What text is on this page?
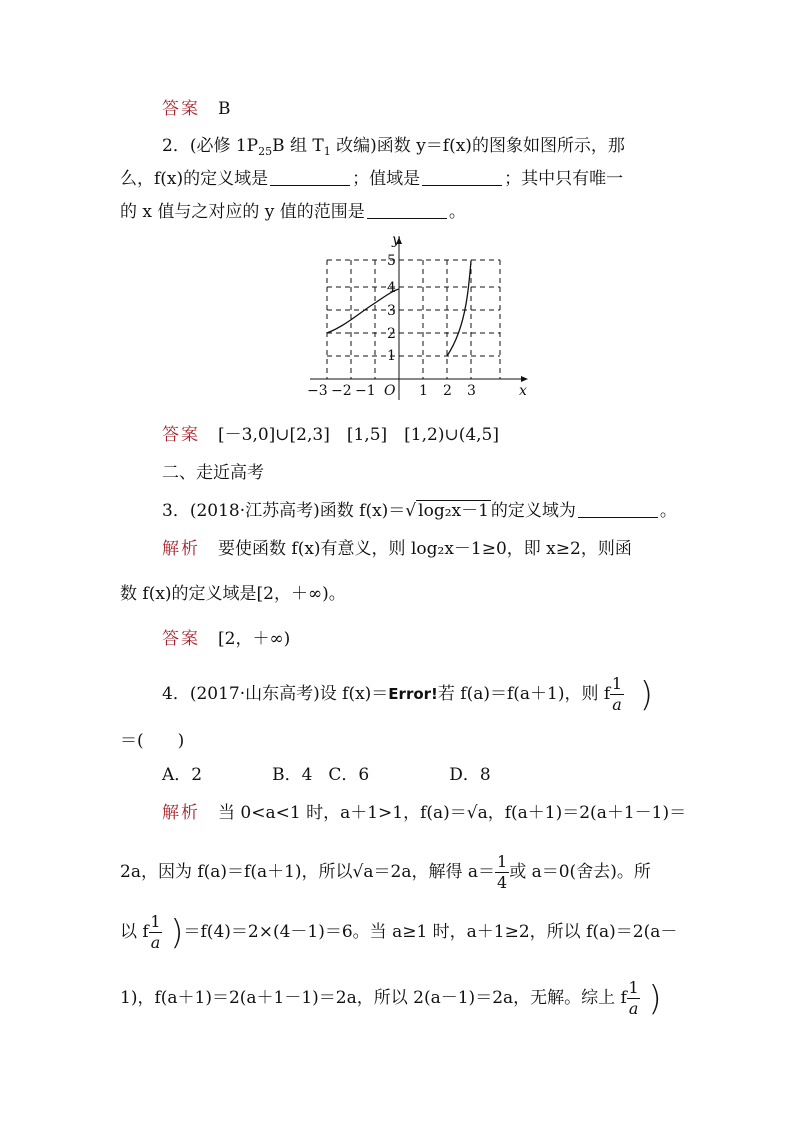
答案 B
2．(必修 $1P_{25}B$ 组 $T_1$ 改编)函数 y＝f(x)的图象如图所示，那
么，f(x)的定义域是	；值域是	；其中只有唯一
的 x 值与之对应的 y 值的范围是	。
−3 −2 −1 O 1 2 3	x
1
2
3
4
5
y
答案 [－3,0]∪[2,3]　[1,5]　[1,2)∪(4,5]
二、走近高考
3．(2018·江苏高考)函数 f(x)＝√ log₂x－1 的定义域为	。
解析 要使函数 f(x)有意义，则 log₂x－1≥0，即 x≥2，则函
数 f(x)的定义域是[2，＋∞)。
答案 [2，＋∞)
4．(2017·山东高考)设 f(x)＝Error!若 f(a)＝f(a＋1)，则 f $\frac{1}{a}$ )
＝(　　)
A．2	B．4 C．6	D．8
解析 当 0<a<1 时，a＋1>1，f(a)＝√a，f(a＋1)＝2(a＋1－1)＝
2a，因为 f(a)＝f(a＋1)，所以√a＝2a，解得 $a= \frac{1}{4}$ 或 a＝0(舍去)。所
以 f $\frac{1}{a} )=f(4)=2\times(4-1)=6$。当 a≥1 时，a＋1≥2，所以 f(a)＝2(a－
1)，f(a＋1)＝2(a＋1－1)＝2a，所以 2(a－1)＝2a，无解。综上 f $\frac{1}{a}$ )
